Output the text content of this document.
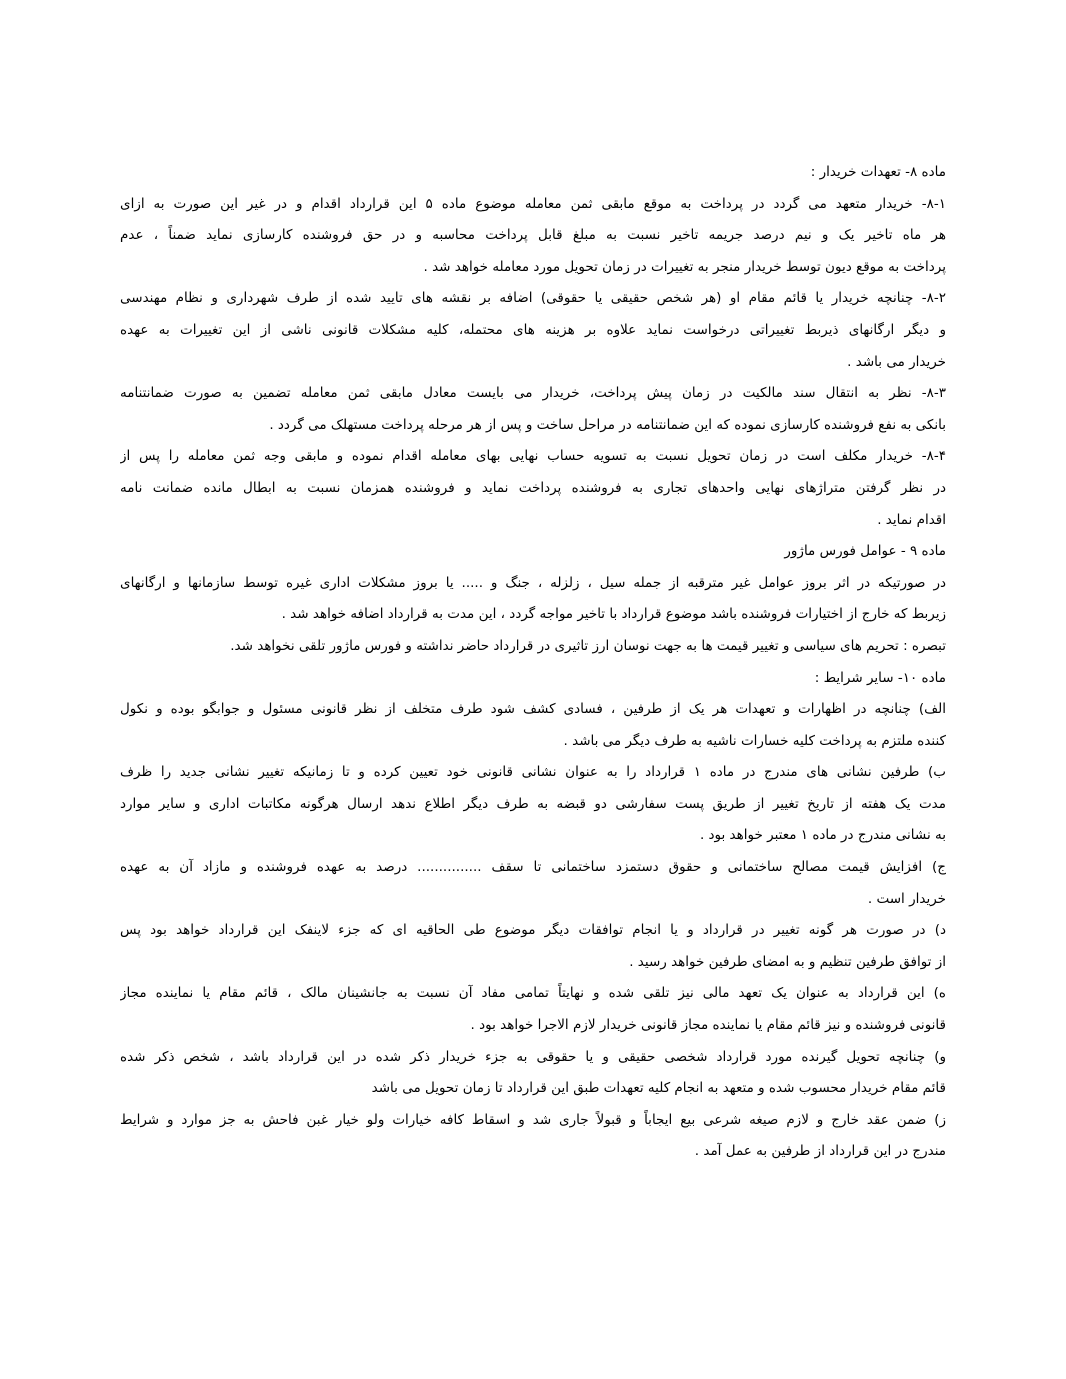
ماده ۸- تعهدات خریدار :
۸-۱- خریدار متعهد می گردد در پرداخت به موقع مابقی ثمن معامله موضوع ماده ۵ این قرارداد اقدام و در غیر این صورت به ازای
هر ماه تاخیر یک و نیم درصد جریمه تاخیر نسبت به مبلغ قابل پرداخت محاسبه و در حق فروشنده کارسازی نماید ضمناً ، عدم
پرداخت به موقع دیون توسط خریدار منجر به تغییرات در زمان تحویل مورد معامله خواهد شد .
۸-۲- چنانچه خریدار یا قائم مقام او (هر شخص حقیقی یا حقوقی) اضافه بر نقشه های تایید شده از طرف شهرداری و نظام مهندسی
و دیگر ارگانهای ذیربط تغییراتی درخواست نماید علاوه بر هزینه های محتمله، کلیه مشکلات قانونی ناشی از این تغییرات به عهده
خریدار می باشد .
۸-۳- نظر به انتقال سند مالکیت در زمان پیش پرداخت، خریدار می بایست معادل مابقی ثمن معامله تضمین به صورت ضمانتنامه
بانکی به نفع فروشنده کارسازی نموده که این ضمانتنامه در مراحل ساخت و پس از هر مرحله پرداخت مستهلک می گردد .
۸-۴- خریدار مکلف است در زمان تحویل نسبت به تسویه حساب نهایی بهای معامله اقدام نموده و مابقی وجه ثمن معامله را پس از
در نظر گرفتن متراژهای نهایی واحدهای تجاری به فروشنده پرداخت نماید و فروشنده همزمان نسبت به ابطال مانده ضمانت نامه
اقدام نماید .
ماده ۹ - عوامل فورس ماژور
در صورتیکه در اثر بروز عوامل غیر مترقبه از جمله سیل ، زلزله ، جنگ و ..... یا بروز مشکلات اداری غیره توسط سازمانها و ارگانهای
زیربط که خارج از اختیارات فروشنده باشد موضوع قرارداد با تاخیر مواجه گردد ، این مدت به قرارداد اضافه خواهد شد .
تبصره : تحریم های سیاسی و تغییر قیمت ها به جهت نوسان ارز تاثیری در قرارداد حاضر نداشته و فورس ماژور تلقی نخواهد شد.
ماده ۱۰- سایر شرایط :
الف) چنانچه در اظهارات و تعهدات هر یک از طرفین ، فسادی کشف شود طرف متخلف از نظر قانونی مسئول و جوابگو بوده و نکول
کننده ملتزم به پرداخت کلیه خسارات ناشیه به طرف دیگر می باشد .
ب) طرفین نشانی های مندرج در ماده ۱ قرارداد را به عنوان نشانی قانونی خود تعیین کرده و تا زمانیکه تغییر نشانی جدید را ظرف
مدت یک هفته از تاریخ تغییر از طریق پست سفارشی دو قبضه به طرف دیگر اطلاع ندهد ارسال هرگونه مکاتبات اداری و سایر موارد
به نشانی مندرج در ماده ۱ معتبر خواهد بود .
ج) افزایش قیمت مصالح ساختمانی و حقوق دستمزد ساختمانی تا سقف ............... درصد به عهده فروشنده و مازاد آن به عهده
خریدار است .
د) در صورت هر گونه تغییر در قرارداد و یا انجام توافقات دیگر موضوع طی الحاقیه ای که جزء لاینفک این قرارداد خواهد بود پس
از توافق طرفین تنظیم و به امضای طرفین خواهد رسید .
ه) این قرارداد به عنوان یک تعهد مالی نیز تلقی شده و نهایتاً تمامی مفاد آن نسبت به جانشینان مالک ، قائم مقام یا نماینده مجاز
قانونی فروشنده و نیز قائم مقام یا نماینده مجاز قانونی خریدار لازم الاجرا خواهد بود .
و) چنانچه تحویل گیرنده مورد قرارداد شخصی حقیقی و یا حقوقی به جزء خریدار ذکر شده در این قرارداد باشد ، شخص ذکر شده
قائم مقام خریدار محسوب شده و متعهد به انجام کلیه تعهدات طبق این قرارداد تا زمان تحویل می باشد
ز) ضمن عقد خارج و لازم صیغه شرعی بیع ایجاباً و قبولاً جاری شد و اسقاط کافه خیارات ولو خیار غبن فاحش به جز موارد و شرایط
مندرج در این قرارداد از طرفین به عمل آمد .
